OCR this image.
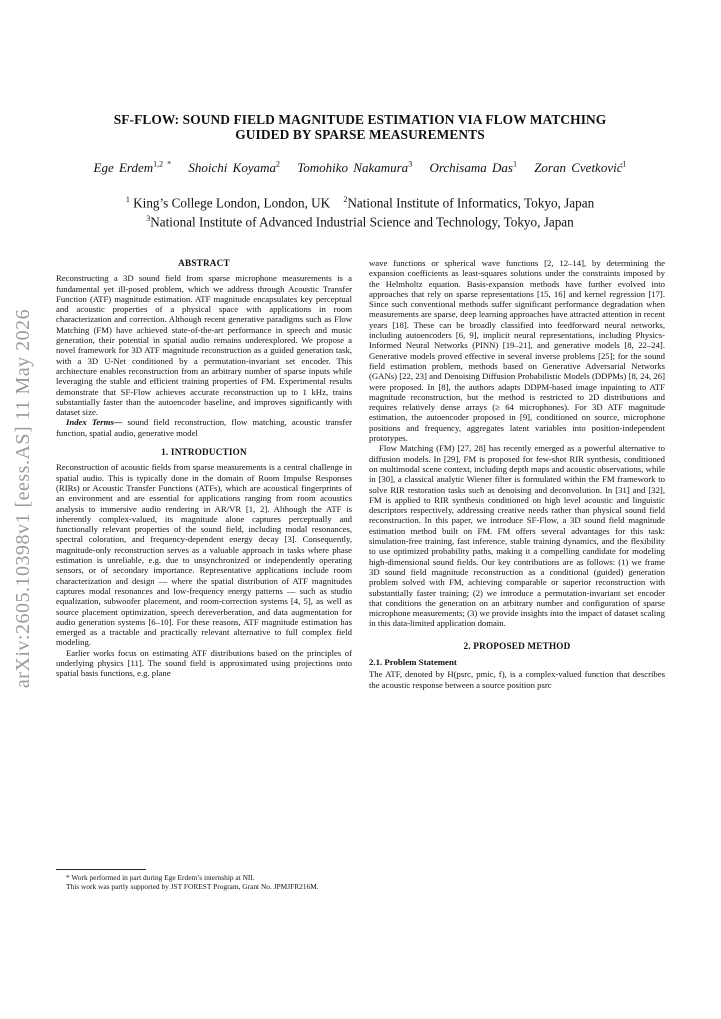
arXiv:2605.10398v1 [eess.AS] 11 May 2026
SF-FLOW: SOUND FIELD MAGNITUDE ESTIMATION VIA FLOW MATCHING
GUIDED BY SPARSE MEASUREMENTS
Ege Erdem$^{1,2 *}$ Shoichi Koyama$^2$ Tomohiko Nakamura$^3$ Orchisama Das$^1$ Zoran Cvetković$^1$
$^1$ King’s College London, London, UK $^2$National Institute of Informatics, Tokyo, Japan
$^3$National Institute of Advanced Industrial Science and Technology, Tokyo, Japan
ABSTRACT

Reconstructing a 3D sound field from sparse microphone measurements is a fundamental yet ill-posed problem, which we address through Acoustic Transfer Function (ATF) magnitude estimation. ATF magnitude encapsulates key perceptual and acoustic properties of a physical space with applications in room characterization and correction. Although recent generative paradigms such as Flow Matching (FM) have achieved state-of-the-art performance in speech and music generation, their potential in spatial audio remains underexplored. We propose a novel framework for 3D ATF magnitude reconstruction as a guided generation task, with a 3D U-Net conditioned by a permutation-invariant set encoder. This architecture enables reconstruction from an arbitrary number of sparse inputs while leveraging the stable and efficient training properties of FM. Experimental results demonstrate that SF-Flow achieves accurate reconstruction up to 1 kHz, trains substantially faster than the autoencoder baseline, and improves significantly with dataset size.

Index Terms— sound field reconstruction, flow matching, acoustic transfer function, spatial audio, generative model

1. INTRODUCTION

Reconstruction of acoustic fields from sparse measurements is a central challenge in spatial audio. This is typically done in the domain of Room Impulse Responses (RIRs) or Acoustic Transfer Functions (ATFs), which are acoustical fingerprints of an environment and are essential for applications ranging from room acoustics analysis to immersive audio rendering in AR/VR [1, 2]. Although the ATF is inherently complex-valued, its magnitude alone captures perceptually and functionally relevant properties of the sound field, including modal resonances, spectral coloration, and frequency-dependent energy decay [3]. Consequently, magnitude-only reconstruction serves as a valuable approach in tasks where phase estimation is unreliable, e.g. due to unsynchronized or independently operating sensors, or of secondary importance. Representative applications include room characterization and design — where the spatial distribution of ATF magnitudes captures modal resonances and low-frequency energy patterns — such as studio equalization, subwoofer placement, and room-correction systems [4, 5], as well as source placement optimization, speech dereverberation, and data augmentation for audio generation systems [6–10]. For these reasons, ATF magnitude estimation has emerged as a tractable and practically relevant alternative to full complex field modeling.

Earlier works focus on estimating ATF distributions based on the principles of underlying physics [11]. The sound field is approximated using projections onto spatial basis functions, e.g. plane

wave functions or spherical wave functions [2, 12–14], by determining the expansion coefficients as least-squares solutions under the constraints imposed by the Helmholtz equation. Basis-expansion methods have further evolved into approaches that rely on sparse representations [15, 16] and kernel regression [17]. Since such conventional methods suffer significant performance degradation when measurements are sparse, deep learning approaches have attracted attention in recent years [18]. These can be broadly classified into feedforward neural networks, including autoencoders [6, 9], implicit neural representations, including Physics-Informed Neural Networks (PINN) [19–21], and generative models [8, 22–24]. Generative models proved effective in several inverse problems [25]; for the sound field estimation problem, methods based on Generative Adversarial Networks (GANs) [22, 23] and Denoising Diffusion Probabilistic Models (DDPMs) [8, 24, 26] were proposed. In [8], the authors adapts DDPM-based image inpainting to ATF magnitude reconstruction, but the method is restricted to 2D distributions and requires relatively dense arrays (≥ 64 microphones). For 3D ATF magnitude estimation, the autoencoder proposed in [9], conditioned on source, microphone positions and frequency, aggregates latent variables into position-independent prototypes.

Flow Matching (FM) [27, 28] has recently emerged as a powerful alternative to diffusion models. In [29], FM is proposed for few-shot RIR synthesis, conditioned on multimodal scene context, including depth maps and acoustic observations, while in [30], a classical analytic Wiener filter is formulated within the FM framework to solve RIR restoration tasks such as denoising and deconvolution. In [31] and [32], FM is applied to RIR synthesis conditioned on high level acoustic and linguistic descriptors respectively, addressing creative needs rather than physical sound field reconstruction. In this paper, we introduce SF-Flow, a 3D sound field magnitude estimation method built on FM. FM offers several advantages for this task: simulation-free training, fast inference, stable training dynamics, and the flexibility to use optimized probability paths, making it a compelling candidate for modeling high-dimensional sound fields. Our key contributions are as follows: (1) we frame 3D sound field magnitude reconstruction as a conditional (guided) generation problem solved with FM, achieving comparable or superior reconstruction with substantially faster training; (2) we introduce a permutation-invariant set encoder that conditions the generation on an arbitrary number and configuration of sparse microphone measurements; (3) we provide insights into the impact of dataset scaling in this data-limited application domain.

2. PROPOSED METHOD
2.1. Problem Statement

The ATF, denoted by H(psrc, pmic, f), is a complex-valued function that describes the acoustic response between a source position psrc

* Work performed in part during Ege Erdem’s internship at NII.

This work was partly supported by JST FOREST Program, Grant No. JPMJFR216M.
